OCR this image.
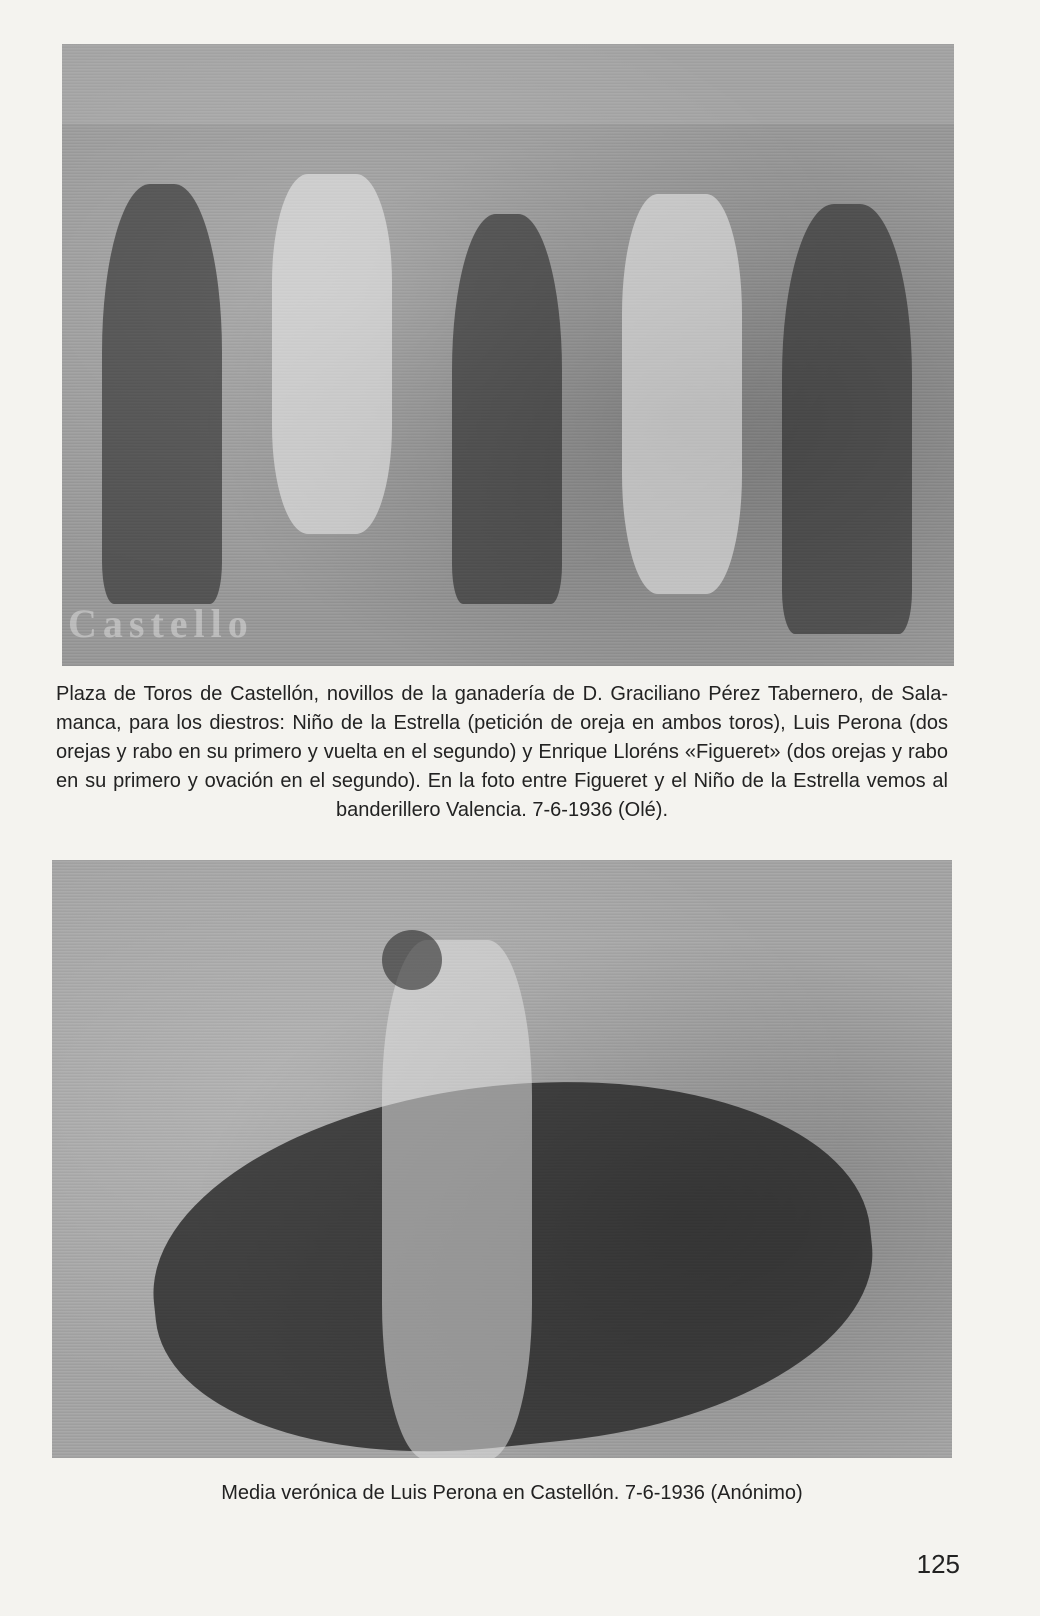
Castello
Plaza de Toros de Castellón, novillos de la ganadería de D. Graciliano Pérez Tabernero, de Sala-manca, para los diestros: Niño de la Estrella (petición de oreja en ambos toros), Luis Perona (dos orejas y rabo en su primero y vuelta en el segundo) y Enrique Lloréns «Figueret» (dos orejas y rabo en su primero y ovación en el segundo). En la foto entre Figueret y el Niño de la Estrella vemos al banderillero Valencia. 7-6-1936 (Olé).
Media verónica de Luis Perona en Castellón. 7-6-1936 (Anónimo)
125
